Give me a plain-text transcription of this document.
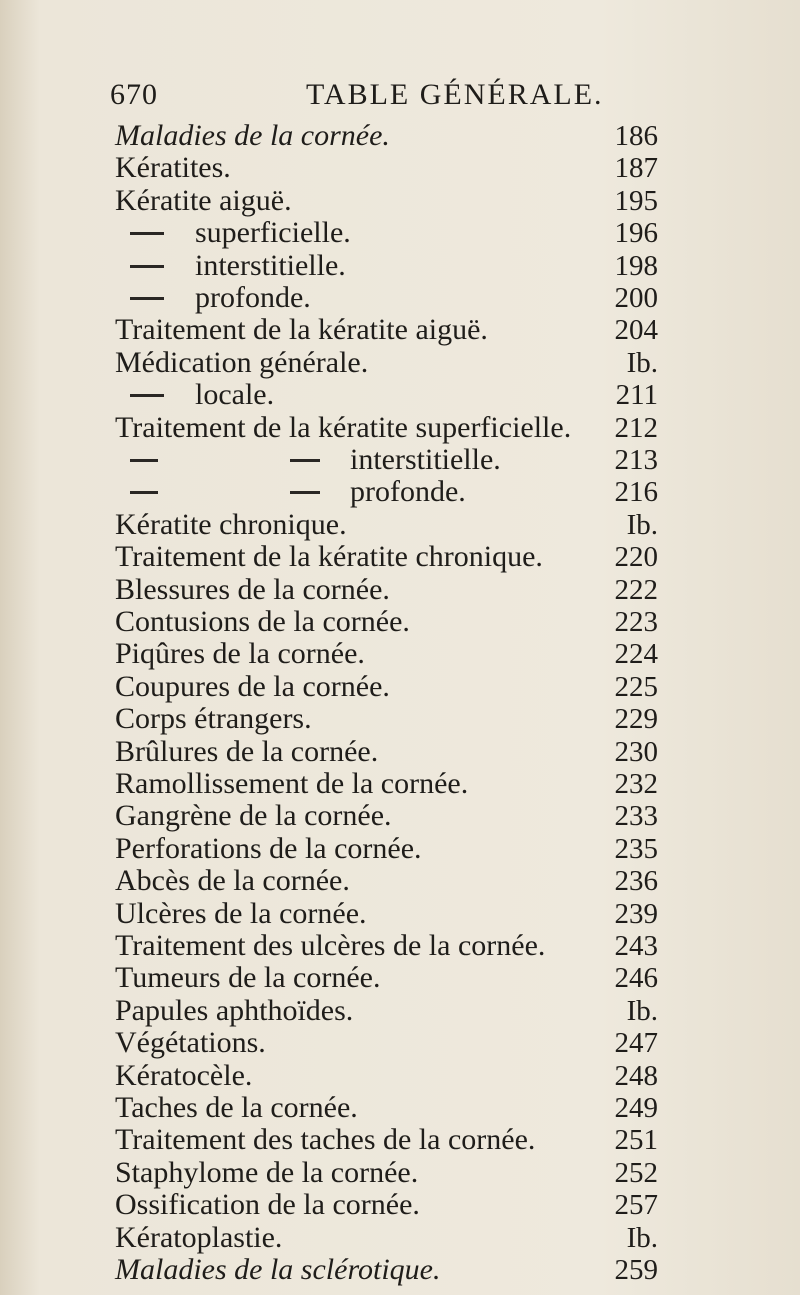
670	TABLE GÉNÉRALE.
Maladies de la cornée.	186
Kératites.	187
Kératite aiguë.	195
superficielle.	196
interstitielle.	198
profonde.	200
Traitement de la kératite aiguë.	204
Médication générale.	Ib.
locale.	211
Traitement de la kératite superficielle.	212
interstitielle.	213
profonde.	216
Kératite chronique.	Ib.
Traitement de la kératite chronique.	220
Blessures de la cornée.	222
Contusions de la cornée.	223
Piqûres de la cornée.	224
Coupures de la cornée.	225
Corps étrangers.	229
Brûlures de la cornée.	230
Ramollissement de la cornée.	232
Gangrène de la cornée.	233
Perforations de la cornée.	235
Abcès de la cornée.	236
Ulcères de la cornée.	239
Traitement des ulcères de la cornée.	243
Tumeurs de la cornée.	246
Papules aphthoïdes.	Ib.
Végétations.	247
Kératocèle.	248
Taches de la cornée.	249
Traitement des taches de la cornée.	251
Staphylome de la cornée.	252
Ossification de la cornée.	257
Kératoplastie.	Ib.
Maladies de la sclérotique.	259
